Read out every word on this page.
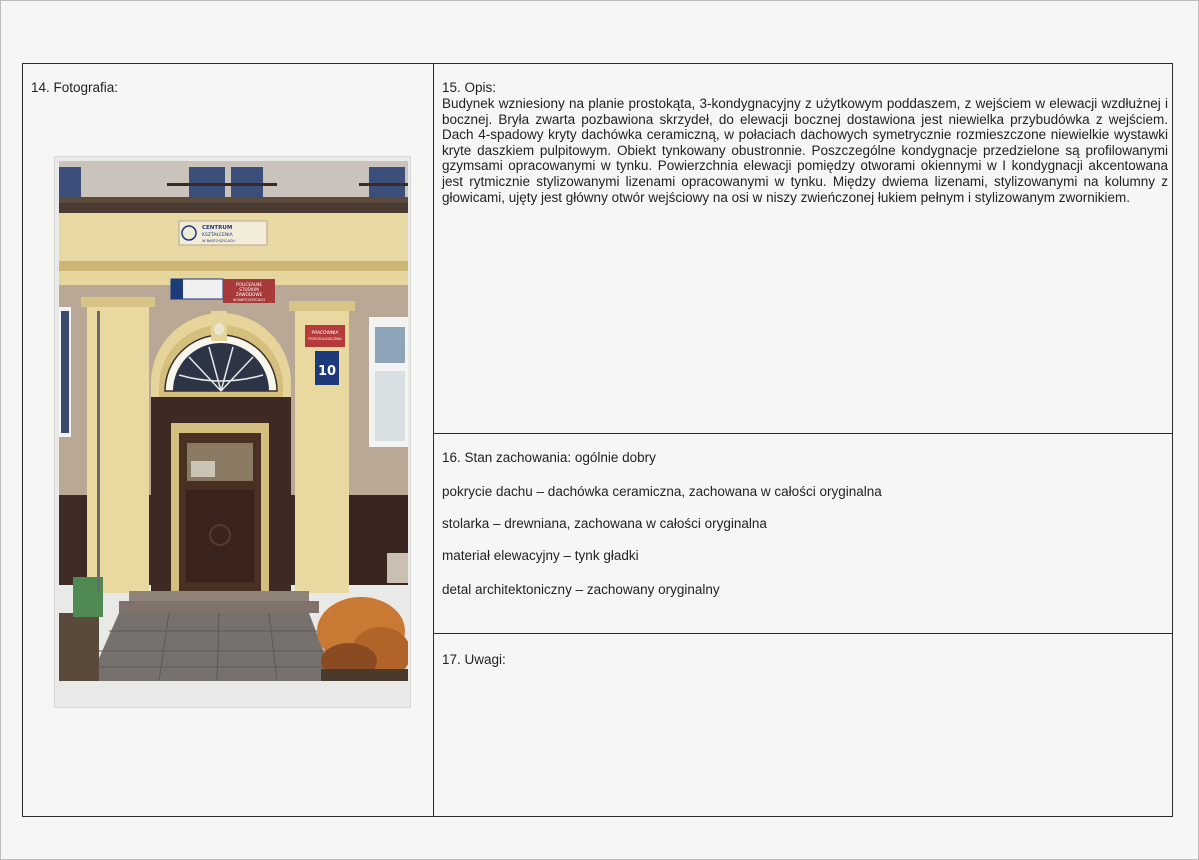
14. Fotografia:
CENTRUM
KSZTAŁCENIA
W BARTOSZYCACH
POLICEALNE
STUDIUM
ZAWODOWE
W BARTOSZYCACH
PRACOWNIA
PSYCHOLOGICZNA
10
15. Opis:
Budynek wzniesiony na planie prostokąta, 3-kondygnacyjny z użytkowym poddaszem, z wejściem w elewacji wzdłużnej i bocznej. Bryła zwarta pozbawiona skrzydeł, do elewacji bocznej dostawiona jest niewielka przybudówka z wejściem. Dach 4-spadowy kryty dachówka ceramiczną, w połaciach dachowych symetrycznie rozmieszczone niewielkie wystawki kryte daszkiem pulpitowym. Obiekt tynkowany obustronnie. Poszczególne kondygnacje przedzielone są profilowanymi gzymsami opracowanymi w tynku. Powierzchnia elewacji pomiędzy otworami okiennymi w I kondygnacji akcentowana jest rytmicznie stylizowanymi lizenami opracowanymi w tynku. Między dwiema lizenami, stylizowanymi na kolumny z głowicami, ujęty jest główny otwór wejściowy na osi w niszy zwieńczonej łukiem pełnym i stylizowanym zwornikiem.
16. Stan zachowania: ogólnie dobry
pokrycie dachu – dachówka ceramiczna, zachowana w całości oryginalna
stolarka – drewniana, zachowana w całości oryginalna
materiał elewacyjny – tynk gładki
detal architektoniczny – zachowany oryginalny
17. Uwagi:
